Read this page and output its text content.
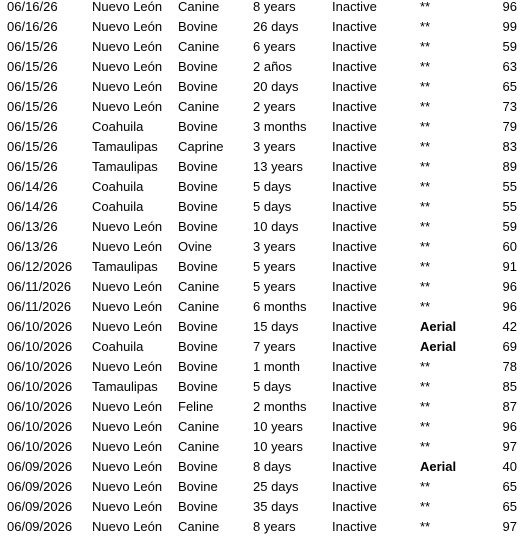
06/16/26	Nuevo León Canine	8 years	Inactive	**	96
06/16/26	Nuevo León Bovine	26 days	Inactive	**	99
06/15/26	Nuevo León Canine	6 years	Inactive	**	59
06/15/26	Nuevo León Bovine	2 años	Inactive	**	63
06/15/26	Nuevo León Bovine	20 days	Inactive	**	65
06/15/26	Nuevo León Canine	2 years	Inactive	**	73
06/15/26	Coahuila	Bovine	3 months Inactive	**	79
06/15/26	Tamaulipas Caprine 3 years	Inactive	**	83
06/15/26	Tamaulipas Bovine	13 years Inactive	**	89
06/14/26	Coahuila	Bovine	5 days	Inactive	**	55
06/14/26	Coahuila	Bovine	5 days	Inactive	**	55
06/13/26	Nuevo León Bovine	10 days	Inactive	**	59
06/13/26	Nuevo León Ovine	3 years	Inactive	**	60
06/12/2026 Tamaulipas Bovine	5 years	Inactive	**	91
06/11/2026 Nuevo León Canine	5 years	Inactive	**	96
06/11/2026 Nuevo León Canine	6 months Inactive	**	96
06/10/2026 Nuevo León Bovine	15 days	Inactive	Aerial	42
06/10/2026 Coahuila	Bovine	7 years	Inactive	Aerial	69
06/10/2026 Nuevo León Bovine	1 month Inactive	**	78
06/10/2026 Tamaulipas Bovine	5 days	Inactive	**	85
06/10/2026 Nuevo León Feline	2 months Inactive	**	87
06/10/2026 Nuevo León Canine	10 years Inactive	**	96
06/10/2026 Nuevo León Canine	10 years Inactive	**	97
06/09/2026 Nuevo León Bovine	8 days	Inactive	Aerial	40
06/09/2026 Nuevo León Bovine	25 days	Inactive	**	65
06/09/2026 Nuevo León Bovine	35 days	Inactive	**	65
06/09/2026 Nuevo León Canine	8 years	Inactive	**	97
